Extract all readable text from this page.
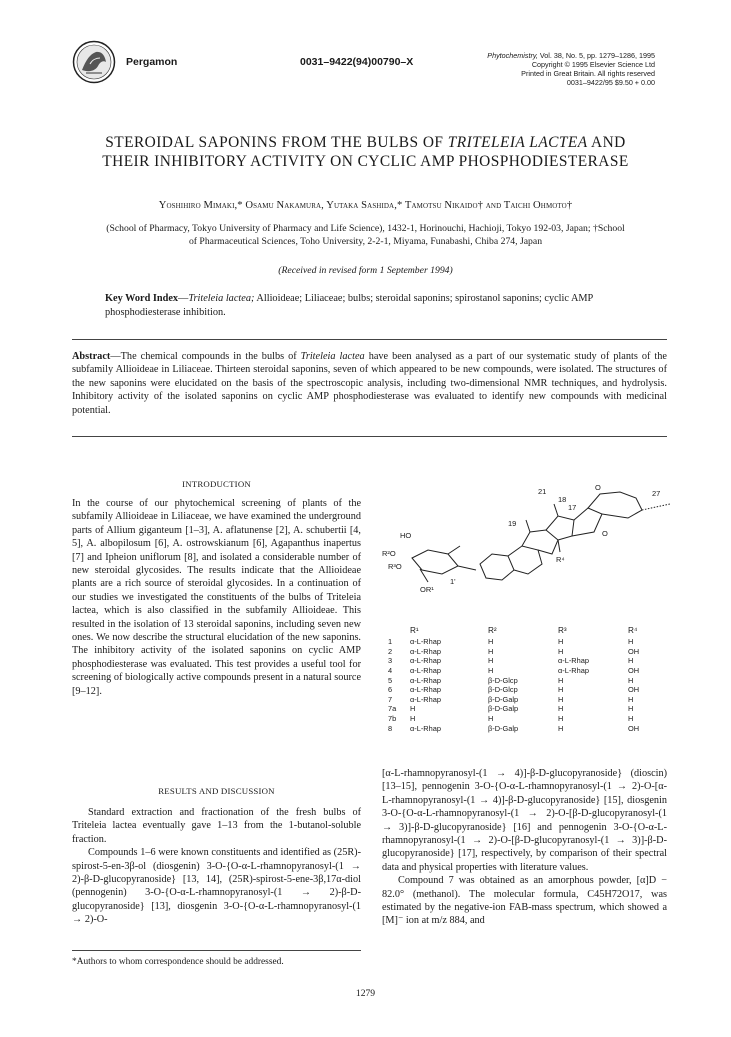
Pergamon	0031–9422(94)00790–X
Phytochemistry, Vol. 38, No. 5, pp. 1279–1286, 1995
Copyright © 1995 Elsevier Science Ltd
Printed in Great Britain. All rights reserved
0031–9422/95 $9.50 + 0.00
STEROIDAL SAPONINS FROM THE BULBS OF TRITELEIA LACTEA AND
THEIR INHIBITORY ACTIVITY ON CYCLIC AMP PHOSPHODIESTERASE
Yoshihiro Mimaki,* Osamu Nakamura, Yutaka Sashida,* Tamotsu Nikaido† and Taichi Ohmoto†
(School of Pharmacy, Tokyo University of Pharmacy and Life Science), 1432-1, Horinouchi, Hachioji, Tokyo 192-03, Japan; †School
of Pharmaceutical Sciences, Toho University, 2-2-1, Miyama, Funabashi, Chiba 274, Japan
(Received in revised form 1 September 1994)
Key Word Index—Triteleia lactea; Allioideae; Liliaceae; bulbs; steroidal saponins; spirostanol saponins; cyclic AMP phosphodiesterase inhibition.
Abstract—The chemical compounds in the bulbs of Triteleia lactea have been analysed as a part of our systematic study of plants of the subfamily Allioideae in Liliaceae. Thirteen steroidal saponins, seven of which appeared to be new compounds, were isolated. The structures of the new saponins were elucidated on the basis of the spectroscopic analysis, including two-dimensional NMR techniques, and hydrolysis. Inhibitory activity of the isolated saponins on cyclic AMP phosphodiesterase was evaluated to identify new compounds with medicinal potential.
INTRODUCTION

In the course of our phytochemical screening of plants of the subfamily Allioideae in Liliaceae, we have examined the underground parts of Allium giganteum [1–3], A. aflatunense [2], A. schubertii [4, 5], A. albopilosum [6], A. ostrowskianum [6], Agapanthus inapertus [7] and Ipheion uniflorum [8], and isolated a considerable number of new steroidal glycosides. The results indicate that the Allioideae plants are a rich source of steroidal glycosides. In a continuation of our studies we investigated the constituents of the bulbs of Triteleia lactea, which is also classified in the subfamily Allioideae. This resulted in the isolation of 13 steroidal saponins, including seven new ones. We now describe the structural elucidation of the new saponins. The inhibitory activity of the isolated saponins on cyclic AMP phosphodiesterase was evaluated. This test provides a useful tool for screening of biologically active compounds present in a natural source [9–12].

RESULTS AND DISCUSSION

Standard extraction and fractionation of the fresh bulbs of Triteleia lactea eventually gave 1–13 from the 1-butanol-soluble fraction.

Compounds 1–6 were known constituents and identified as (25R)-spirost-5-en-3β-ol (diosgenin) 3-O-{O-α-L-rhamnopyranosyl-(1 → 2)-β-D-glucopyranoside} [13, 14], (25R)-spirost-5-ene-3β,17α-diol (pennogenin) 3-O-{O-α-L-rhamnopyranosyl-(1 → 2)-β-D-glucopyranoside} [13], diosgenin 3-O-{O-α-L-rhamnopyranosyl-(1 → 2)-O-

*Authors to whom correspondence should be addressed.
HO
R²O
R³O
OR¹
1'
19
18
21
17
27
R⁴
O
O
	R¹	R²	R³	R⁴
1	α-L-Rhap	H	H	H
2	α-L-Rhap	H	H	OH
3	α-L-Rhap	H	α-L-Rhap	H
4	α-L-Rhap	H	α-L-Rhap	OH
5	α-L-Rhap	β-D-Glcp	H	H
6	α-L-Rhap	β-D-Glcp	H	OH
7	α-L-Rhap	β-D-Galp	H	H
7a	H	β-D-Galp	H	H
7b	H	H	H	H
8	α-L-Rhap	β-D-Galp	H	OH

[α-L-rhamnopyranosyl-(1 → 4)]-β-D-glucopyranoside} (dioscin) [13–15], pennogenin 3-O-{O-α-L-rhamnopyranosyl-(1 → 2)-O-[α-L-rhamnopyranosyl-(1 → 4)]-β-D-glucopyranoside} [15], diosgenin 3-O-{O-α-L-rhamnopyranosyl-(1 → 2)-O-[β-D-glucopyranosyl-(1 → 3)]-β-D-glucopyranoside} [16] and pennogenin 3-O-{O-α-L-rhamnopyranosyl-(1 → 2)-O-[β-D-glucopyranosyl-(1 → 3)]-β-D-glucopyranoside} [17], respectively, by comparison of their spectral data and physical properties with literature values.

Compound 7 was obtained as an amorphous powder, [α]D − 82.0° (methanol). The molecular formula, C45H72O17, was estimated by the negative-ion FAB-mass spectrum, which showed a [M]⁻ ion at m/z 884, and

1279
